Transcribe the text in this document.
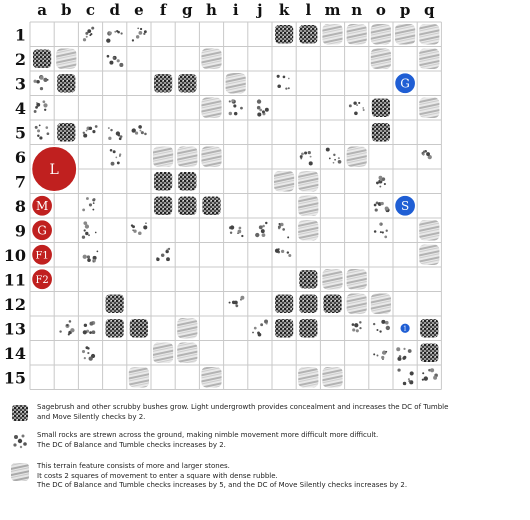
a b c d e f g h i j k l m n o p q
1
2
3
4
5
6
7
8
9
10
11
12
13
14
15
L
M
G
F1
F2
G
S
1
Sagebrush and other scrubby bushes grow. Light undergrowth provides concealment and increases the DC of Tumble
and Move Silently checks by 2.
Small rocks are strewn across the ground, making nimble movement more difficult more difficult.
The DC of Balance and Tumble checks increases by 2.
This terrain feature consists of more and larger stones.
It costs 2 squares of movement to enter a square with dense rubble.
The DC of Balance and Tumble checks increases by 5, and the DC of Move Silently checks increases by 2.
